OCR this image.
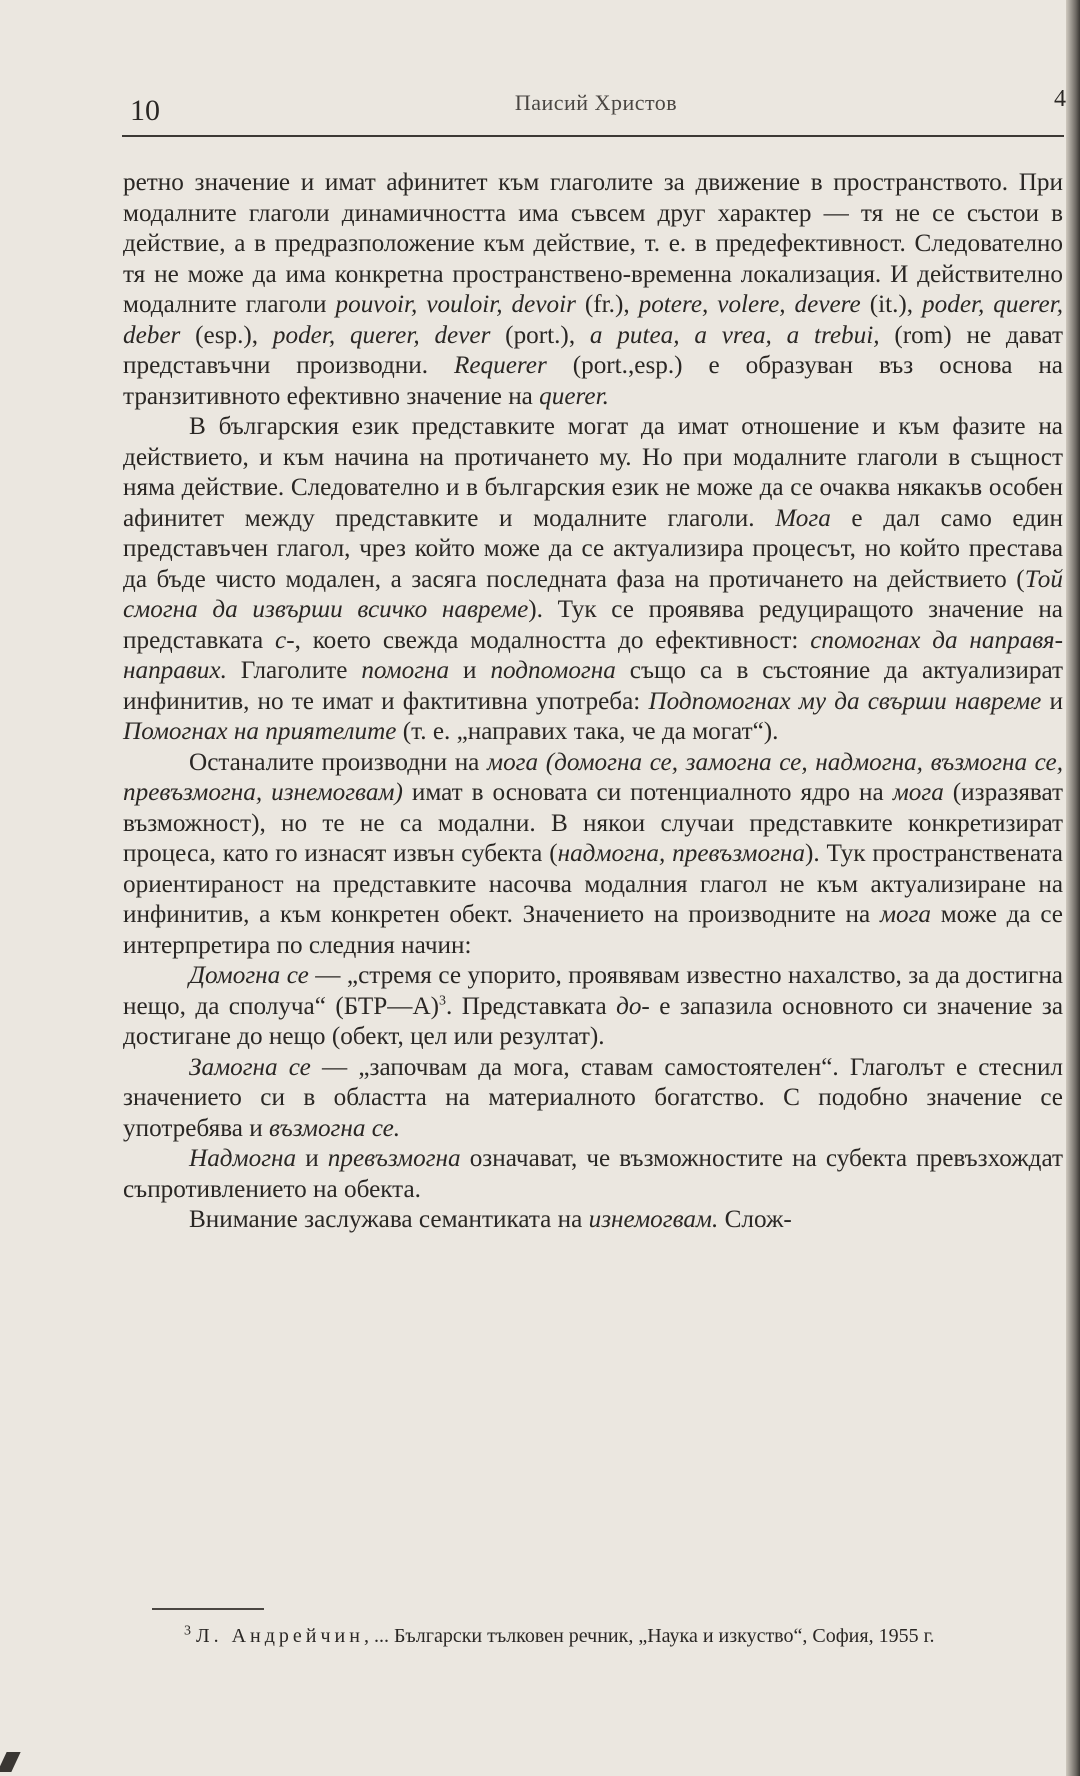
10	Паисий Христов	4

ретно значение и имат афинитет към глаголите за движение в пространството. При модалните глаголи динамичността има съвсем друг характер — тя не се състои в действие, а в предразположение към действие, т. е. в предефективност. Следователно тя не може да има конкретна пространствено-временна локализация. И действително модалните глаголи pouvoir, vouloir, devoir (fr.), potere, volere, devere (it.), poder, querer, deber (esp.), poder, querer, dever (port.), a putea, a vrea, a trebui, (rom) не дават представъчни производни. Requerer (port.,esp.) е образуван въз основа на транзитивното ефективно значение на querer.

В българския език представките могат да имат отношение и към фазите на действието, и към начина на протичането му. Но при модалните глаголи в същност няма действие. Следователно и в българския език не може да се очаква някакъв особен афинитет между представките и модалните глаголи. Мога е дал само един представъчен глагол, чрез който може да се актуализира процесът, но който престава да бъде чисто модален, а засяга последната фаза на протичането на действието (Той смогна да извърши всичко навреме). Тук се проявява редуциращото значение на представката с-, което свежда модалността до ефективност: спомогнах да направя-направих. Глаголите помогна и подпомогна също са в състояние да актуализират инфинитив, но те имат и фактитивна употреба: Подпомогнах му да свърши навреме и Помогнах на приятелите (т. е. „направих така, че да могат“).

Останалите производни на мога (домогна се, замогна се, надмогна, възмогна се, превъзмогна, изнемогвам) имат в основата си потенциалното ядро на мога (изразяват възможност), но те не са модални. В някои случаи представките конкретизират процеса, като го изнасят извън субекта (надмогна, превъзмогна). Тук пространствената ориентираност на представките насочва модалния глагол не към актуализиране на инфинитив, а към конкретен обект. Значението на производните на мога може да се интерпретира по следния начин:

Домогна се — „стремя се упорито, проявявам известно нахалство, за да достигна нещо, да сполуча“ (БТР—А)$^3$. Представката до- е запазила основното си значение за достигане до нещо (обект, цел или резултат).

Замогна се — „започвам да мога, ставам самостоятелен“. Глаголът е стеснил значението си в областта на материалното богатство. С подобно значение се употребява и възмогна се.

Надмогна и превъзмогна означават, че възможностите на субекта превъзхождат съпротивлението на обекта.

Внимание заслужава семантиката на изнемогвам. Слож-

$^3$ Л. Андрейчин, ... Български тълковен речник, „Наука и изкуство“, София, 1955 г.
